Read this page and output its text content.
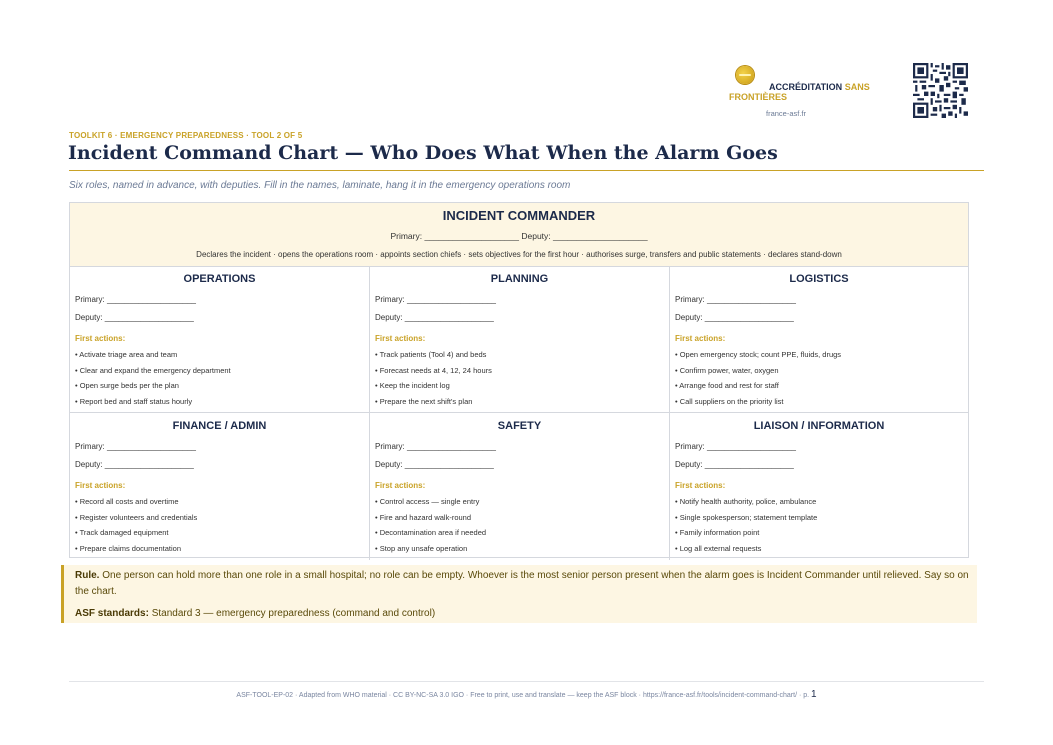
ACCRÉDITATION SANS FRONTIÈRES
france-asf.fr
TOOLKIT 6 · EMERGENCY PREPAREDNESS · TOOL 2 OF 5
Incident Command Chart — Who Does What When the Alarm Goes
Six roles, named in advance, with deputies. Fill in the names, laminate, hang it in the emergency operations room
INCIDENT COMMANDER
Primary: ____________________ Deputy: ____________________
Declares the incident · opens the operations room · appoints section chiefs · sets objectives for the first hour · authorises surge, transfers and public statements · declares stand-down
OPERATIONS
Primary: ____________________
Deputy: ____________________
First actions:
• Activate triage area and team
• Clear and expand the emergency department
• Open surge beds per the plan
• Report bed and staff status hourly
PLANNING
Primary: ____________________
Deputy: ____________________
First actions:
• Track patients (Tool 4) and beds
• Forecast needs at 4, 12, 24 hours
• Keep the incident log
• Prepare the next shift's plan
LOGISTICS
Primary: ____________________
Deputy: ____________________
First actions:
• Open emergency stock; count PPE, fluids, drugs
• Confirm power, water, oxygen
• Arrange food and rest for staff
• Call suppliers on the priority list
FINANCE / ADMIN
Primary: ____________________
Deputy: ____________________
First actions:
• Record all costs and overtime
• Register volunteers and credentials
• Track damaged equipment
• Prepare claims documentation
SAFETY
Primary: ____________________
Deputy: ____________________
First actions:
• Control access — single entry
• Fire and hazard walk-round
• Decontamination area if needed
• Stop any unsafe operation
LIAISON / INFORMATION
Primary: ____________________
Deputy: ____________________
First actions:
• Notify health authority, police, ambulance
• Single spokesperson; statement template
• Family information point
• Log all external requests
Rule. One person can hold more than one role in a small hospital; no role can be empty. Whoever is the most senior person present when the alarm goes is Incident Commander until relieved. Say so on the chart.
ASF standards: Standard 3 — emergency preparedness (command and control)
ASF-TOOL-EP-02 · Adapted from WHO material · CC BY-NC-SA 3.0 IGO · Free to print, use and translate — keep the ASF block · https://france-asf.fr/tools/incident-command-chart/ · p. 1
